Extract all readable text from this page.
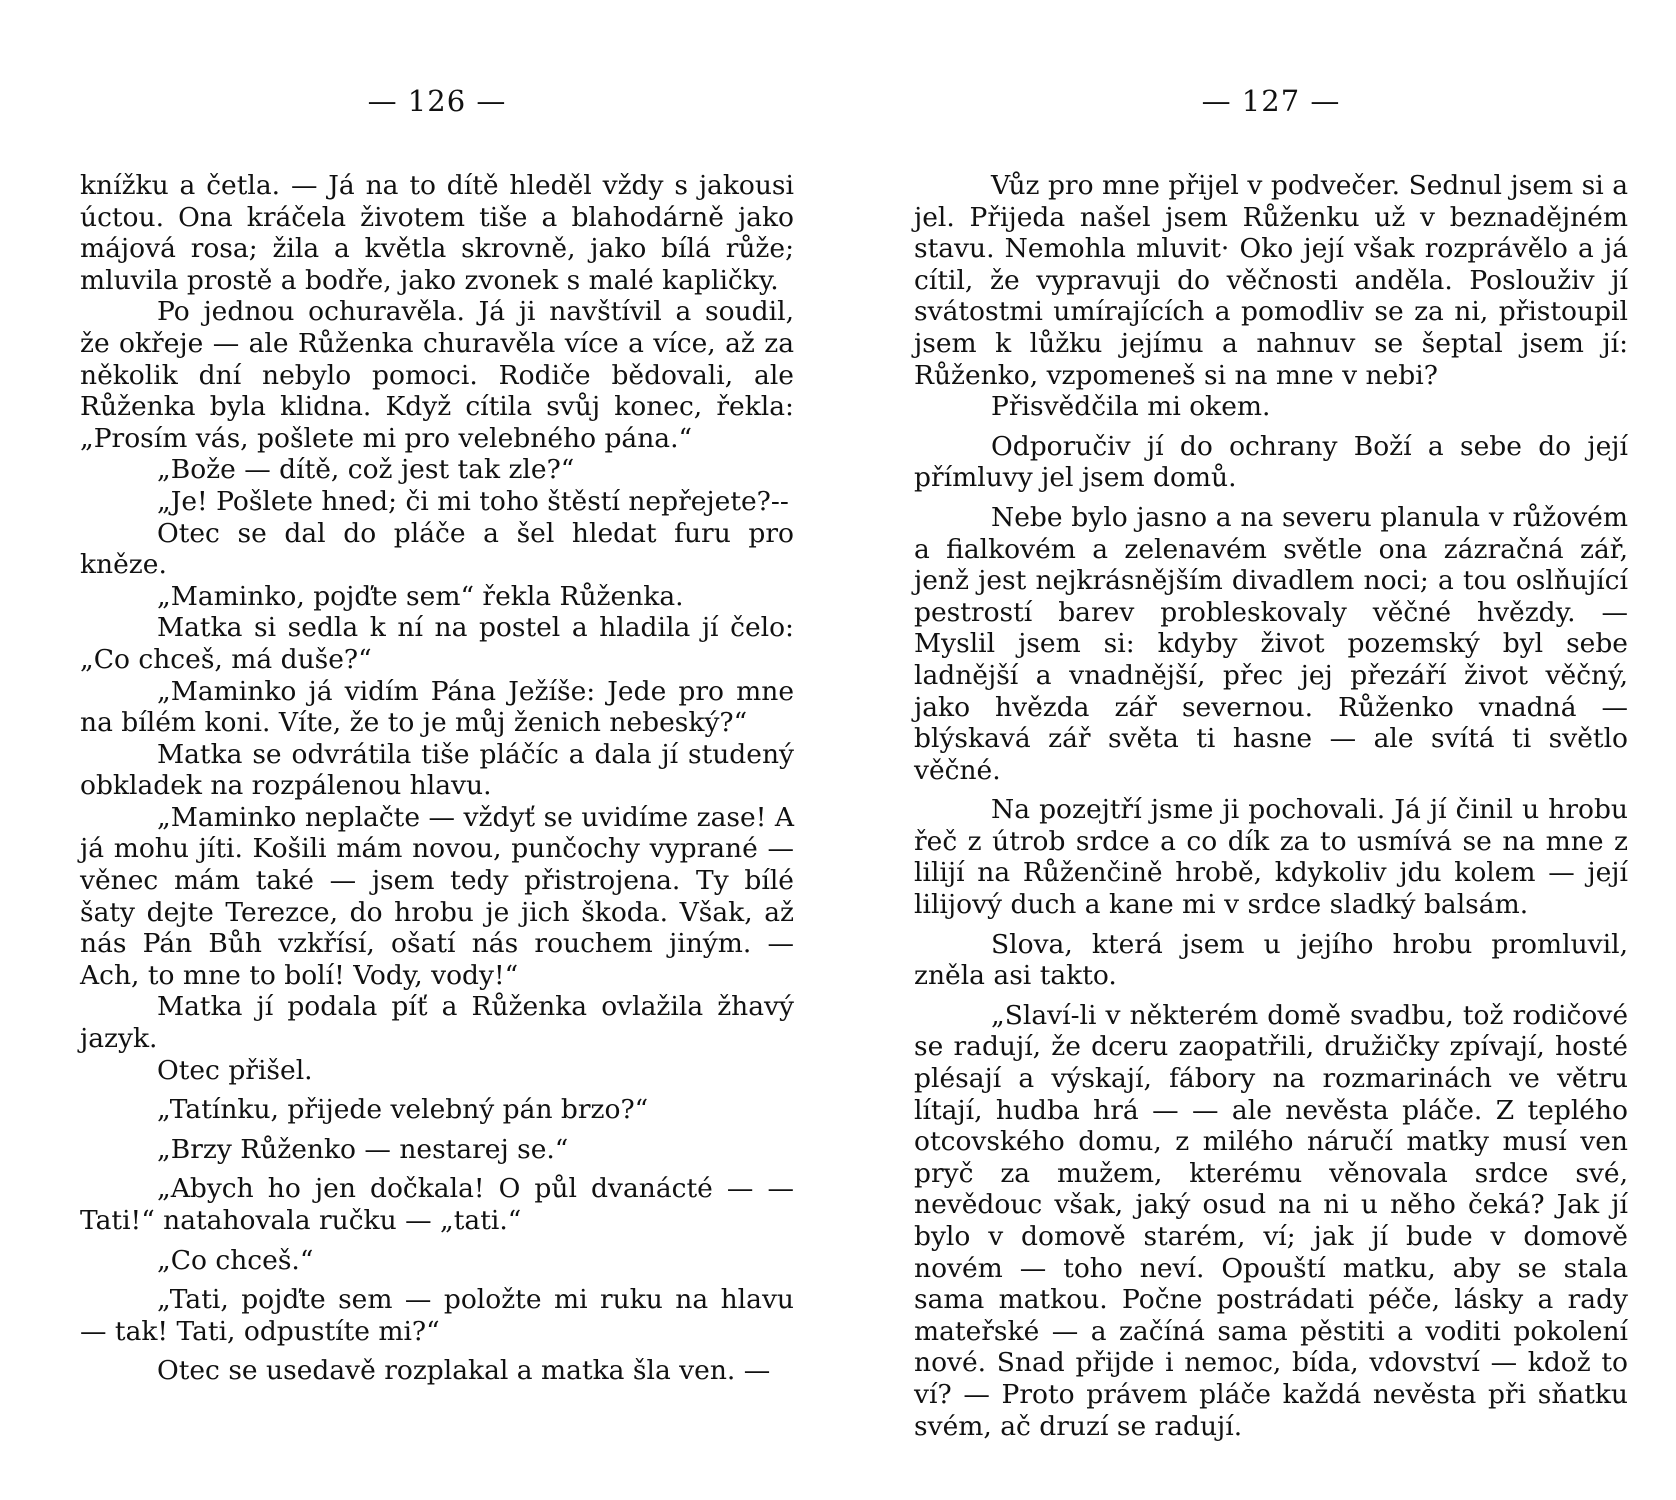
— 126 —

knížku a četla. — Já na to dítě hleděl vždy s jakousi úctou. Ona kráčela životem tiše a blahodárně jako májová rosa; žila a květla skrovně, jako bílá růže; mluvila prostě a bodře, jako zvonek s malé kapličky.

Po jednou ochuravěla. Já ji navštívil a soudil, že okřeje — ale Růženka churavěla více a více, až za několik dní nebylo pomoci. Rodiče bědovali, ale Růženka byla klidna. Když cítila svůj konec, řekla: „Prosím vás, pošlete mi pro velebného pána.“

„Bože — dítě, což jest tak zle?“

„Je! Pošlete hned; či mi toho štěstí nepřejete?--

Otec se dal do pláče a šel hledat furu pro kněze.

„Maminko, pojďte sem“ řekla Růženka.

Matka si sedla k ní na postel a hladila jí čelo: „Co chceš, má duše?“

„Maminko já vidím Pána Ježíše: Jede pro mne na bílém koni. Víte, že to je můj ženich nebeský?“

Matka se odvrátila tiše pláčíc a dala jí studený obkladek na rozpálenou hlavu.

„Maminko neplačte — vždyť se uvidíme zase! A já mohu jíti. Košili mám novou, punčochy vyprané — věnec mám také — jsem tedy přistrojena. Ty bílé šaty dejte Terezce, do hrobu je jich škoda. Však, až nás Pán Bůh vzkřísí, ošatí nás rouchem jiným. — Ach, to mne to bolí! Vody, vody!“

Matka jí podala píť a Růženka ovlažila žhavý jazyk.

Otec přišel.

„Tatínku, přijede velebný pán brzo?“

„Brzy Růženko — nestarej se.“

„Abych ho jen dočkala! O půl dvanácté — — Tati!“ natahovala ručku — „tati.“

„Co chceš.“

„Tati, pojďte sem — položte mi ruku na hlavu — tak! Tati, odpustíte mi?“

Otec se usedavě rozplakal a matka šla ven. —

— 127 —

Vůz pro mne přijel v podvečer. Sednul jsem si a jel. Přijeda našel jsem Růženku už v beznadějném stavu. Nemohla mluvit· Oko její však rozprávělo a já cítil, že vypravuji do věčnosti anděla. Poslouživ jí svátostmi umírajících a pomodliv se za ni, přistoupil jsem k lůžku jejímu a nahnuv se šeptal jsem jí: Růženko, vzpomeneš si na mne v nebi?

Přisvědčila mi okem.

Odporučiv jí do ochrany Boží a sebe do její přímluvy jel jsem domů.

Nebe bylo jasno a na severu planula v růžovém a fialkovém a zelenavém světle ona zázračná zář, jenž jest nejkrásnějším divadlem noci; a tou oslňující pestrostí barev probleskovaly věčné hvězdy. — Myslil jsem si: kdyby život pozemský byl sebe ladnější a vnadnější, přec jej přezáří život věčný, jako hvězda zář severnou. Růženko vnadná — blýskavá zář světa ti hasne — ale svítá ti světlo věčné.

Na pozejtří jsme ji pochovali. Já jí činil u hrobu řeč z útrob srdce a co dík za to usmívá se na mne z lilijí na Růženčině hrobě, kdykoliv jdu kolem — její lilijový duch a kane mi v srdce sladký balsám.

Slova, která jsem u jejího hrobu promluvil, zněla asi takto.

„Slaví-li v některém domě svadbu, tož rodičové se radují, že dceru zaopatřili, družičky zpívají, hosté plésají a výskají, fábory na rozmarinách ve větru lítají, hudba hrá — — ale nevěsta pláče. Z teplého otcovského domu, z milého náručí matky musí ven pryč za mužem, kterému věnovala srdce své, nevědouc však, jaký osud na ni u něho čeká? Jak jí bylo v domově starém, ví; jak jí bude v domově novém — toho neví. Opouští matku, aby se stala sama matkou. Počne postrádati péče, lásky a rady mateřské — a začíná sama pěstiti a voditi pokolení nové. Snad přijde i nemoc, bída, vdovství — kdož to ví? — Proto právem pláče každá nevěsta při sňatku svém, ač druzí se radují.
